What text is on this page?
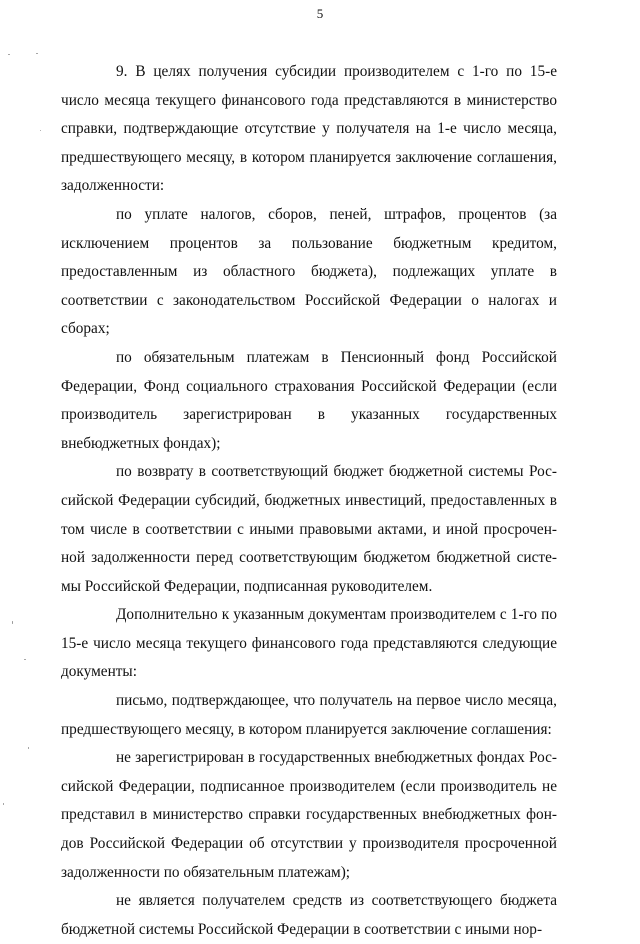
5

9. В целях получения субсидии производителем с 1-го по 15-е число месяца текущего финансового года представляются в министерство справки, подтверждающие отсутствие у получателя на 1-е число месяца, предшествующего месяцу, в котором планируется заключение соглашения, задолженности:

по уплате налогов, сборов, пеней, штрафов, процентов (за исключением процентов за пользование бюджетным кредитом, предоставленным из областного бюджета), подлежащих уплате в соответствии с законодательством Российской Федерации о налогах и сборах;

по обязательным платежам в Пенсионный фонд Российской Федерации, Фонд социального страхования Российской Федерации (если производитель зарегистрирован в указанных государственных внебюджетных фондах);

по возврату в соответствующий бюджет бюджетной системы Российской Федерации субсидий, бюджетных инвестиций, предоставленных в том числе в соответствии с иными правовыми актами, и иной просроченной задолженности перед соответствующим бюджетом бюджетной системы Российской Федерации, подписанная руководителем.

Дополнительно к указанным документам производителем с 1-го по 15-е число месяца текущего финансового года представляются следующие документы:

письмо, подтверждающее, что получатель на первое число месяца, предшествующего месяцу, в котором планируется заключение соглашения:

не зарегистрирован в государственных внебюджетных фондах Российской Федерации, подписанное производителем (если производитель не представил в министерство справки государственных внебюджетных фондов Российской Федерации об отсутствии у производителя просроченной задолженности по обязательным платежам);

не является получателем средств из соответствующего бюджета бюджетной системы Российской Федерации в соответствии с иными нор-
